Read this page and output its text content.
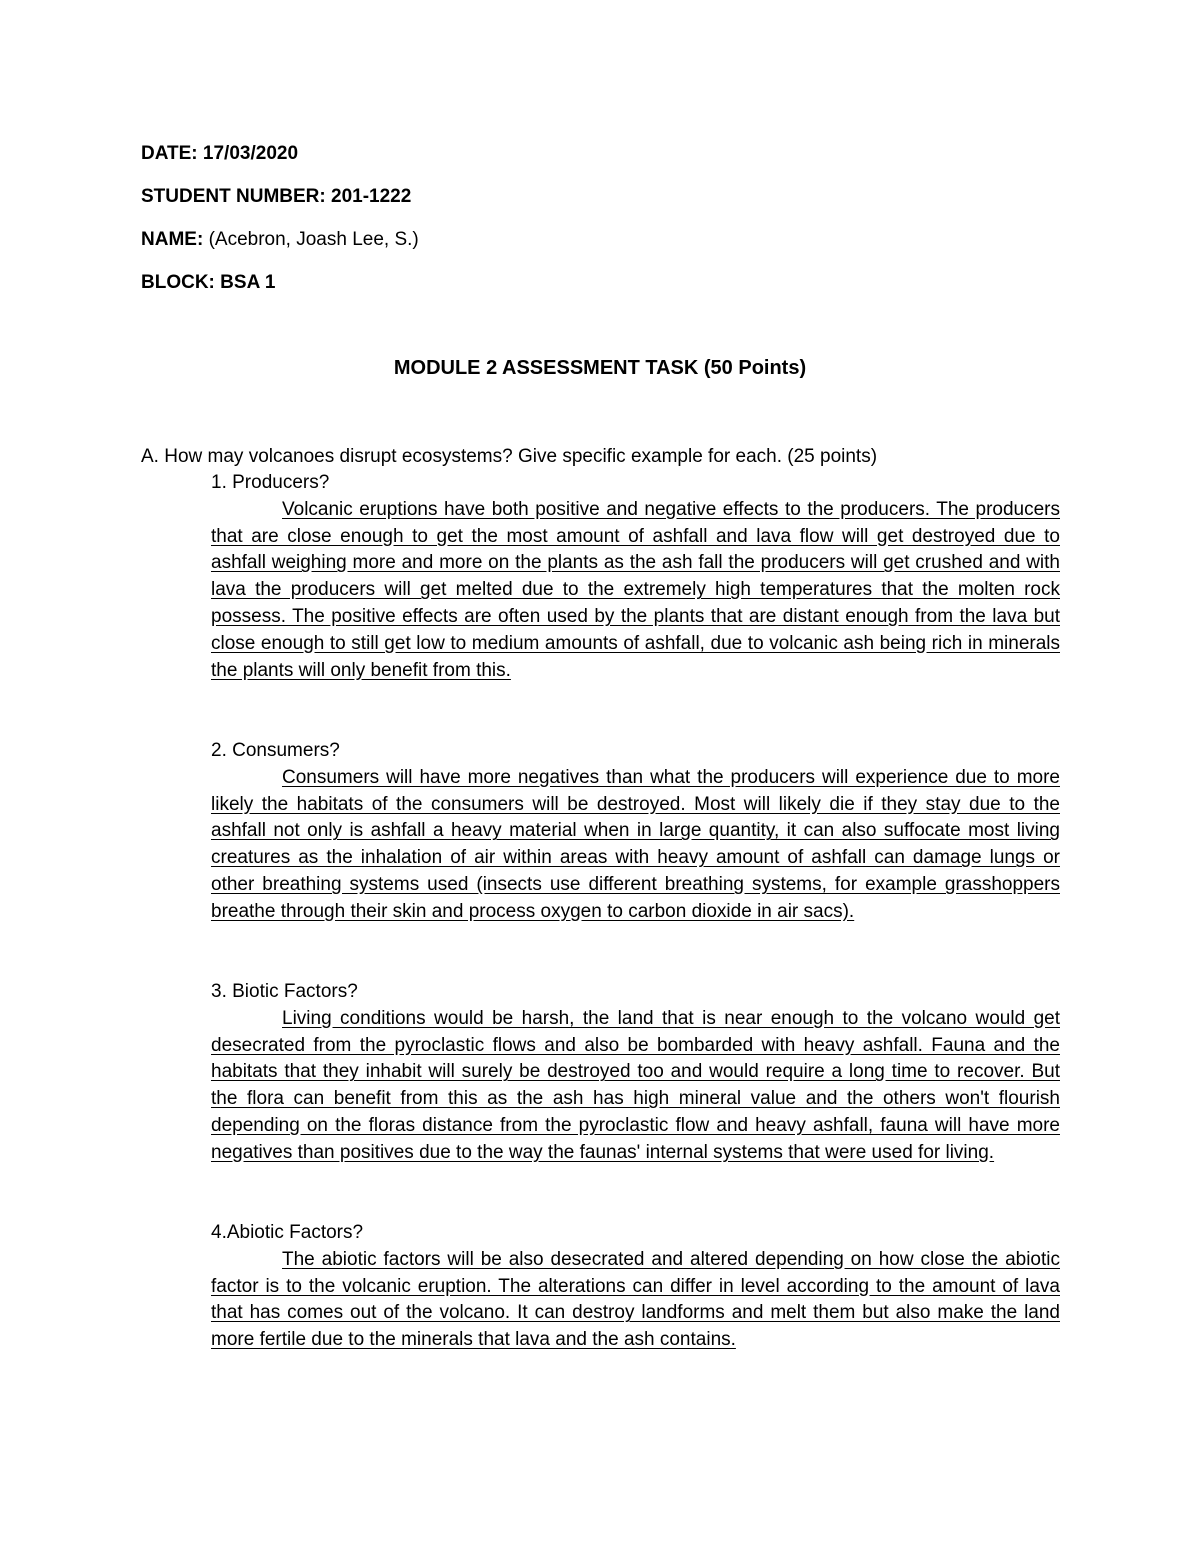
DATE: 17/03/2020
STUDENT NUMBER: 201-1222
NAME: (Acebron, Joash Lee, S.)
BLOCK: BSA 1
MODULE 2 ASSESSMENT TASK (50 Points)
A. How may volcanoes disrupt ecosystems? Give specific example for each. (25 points)
1. Producers?
Volcanic eruptions have both positive and negative effects to the producers. The producers that are close enough to get the most amount of ashfall and lava flow will get destroyed due to ashfall weighing more and more on the plants as the ash fall the producers will get crushed and with lava the producers will get melted due to the extremely high temperatures that the molten rock possess. The positive effects are often used by the plants that are distant enough from the lava but close enough to still get low to medium amounts of ashfall, due to volcanic ash being rich in minerals the plants will only benefit from this.
2. Consumers?
Consumers will have more negatives than what the producers will experience due to more likely the habitats of the consumers will be destroyed. Most will likely die if they stay due to the ashfall not only is ashfall a heavy material when in large quantity, it can also suffocate most living creatures as the inhalation of air within areas with heavy amount of ashfall can damage lungs or other breathing systems used (insects use different breathing systems, for example grasshoppers breathe through their skin and process oxygen to carbon dioxide in air sacs).
3. Biotic Factors?
Living conditions would be harsh, the land that is near enough to the volcano would get desecrated from the pyroclastic flows and also be bombarded with heavy ashfall. Fauna and the habitats that they inhabit will surely be destroyed too and would require a long time to recover. But the flora can benefit from this as the ash has high mineral value and the others won't flourish depending on the floras distance from the pyroclastic flow and heavy ashfall, fauna will have more negatives than positives due to the way the faunas' internal systems that were used for living.
4.Abiotic Factors?
The abiotic factors will be also desecrated and altered depending on how close the abiotic factor is to the volcanic eruption. The alterations can differ in level according to the amount of lava that has comes out of the volcano. It can destroy landforms and melt them but also make the land more fertile due to the minerals that lava and the ash contains.
